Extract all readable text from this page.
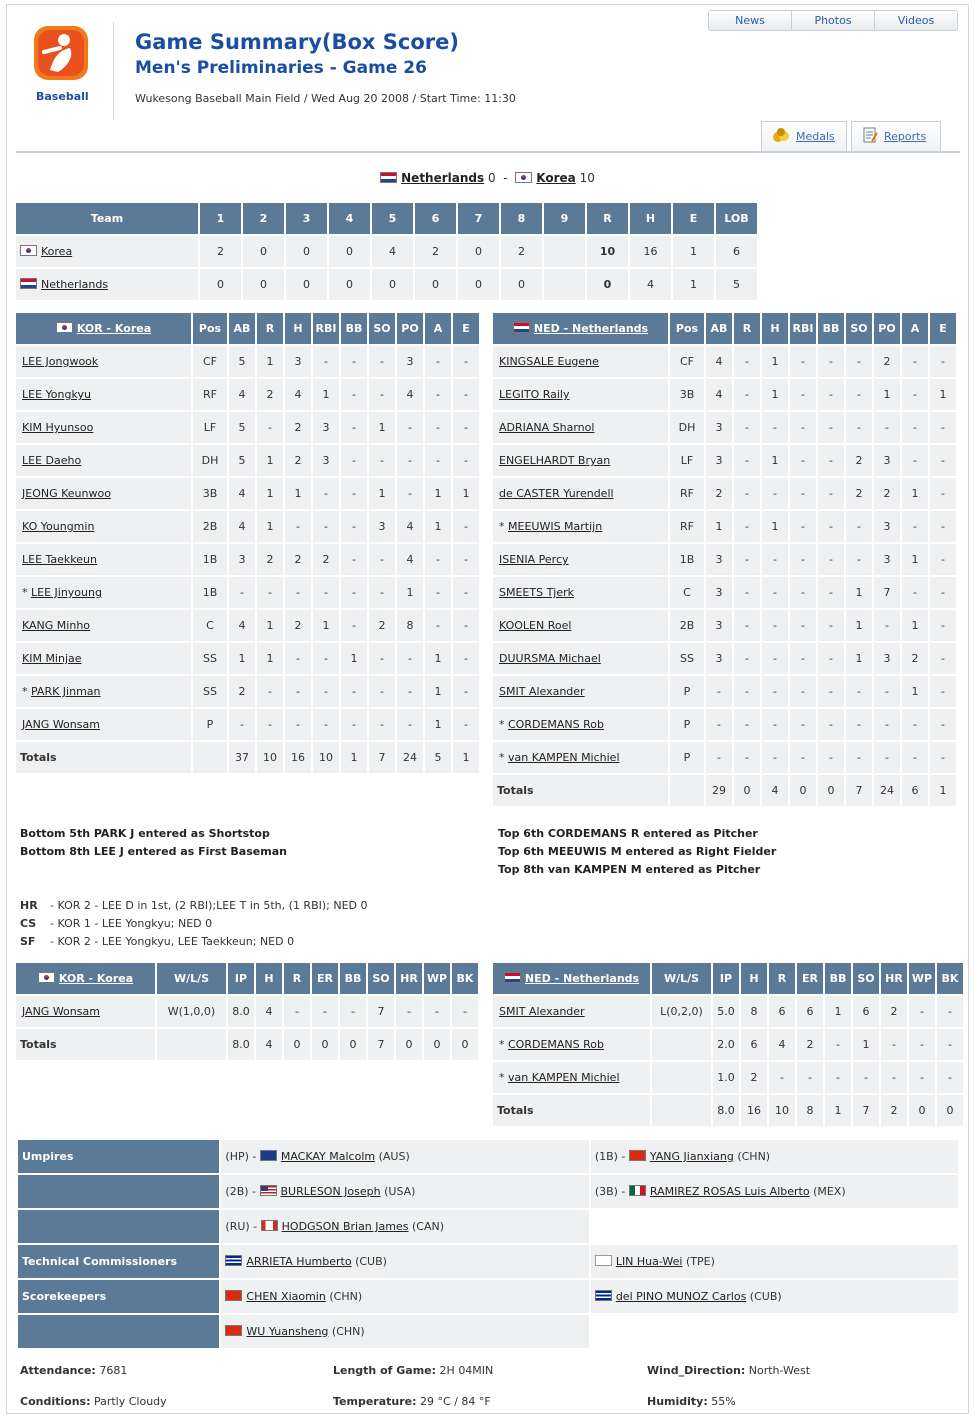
Baseball
Game Summary(Box Score)
Men's Preliminaries - Game 26
Wukesong Baseball Main Field / Wed Aug 20 2008 / Start Time: 11:30
News	Photos	Videos
Medals	Reports
Netherlands 0 - Korea 10
Team	1	2	3	4	5	6	7	8	9	R	H	E	LOB
Korea	2	0	0	0	4	2	0	2		10	16	1	6
Netherlands	0	0	0	0	0	0	0	0		0	4	1	5
KOR - Korea	Pos	AB	R	H	RBI	BB	SO	PO	A	E
LEE Jongwook	CF	5	1	3	-	-	-	3	-	-
LEE Yongkyu	RF	4	2	4	1	-	-	4	-	-
KIM Hyunsoo	LF	5	-	2	3	-	1	-	-	-
LEE Daeho	DH	5	1	2	3	-	-	-	-	-
JEONG Keunwoo	3B	4	1	1	-	-	1	-	1	1
KO Youngmin	2B	4	1	-	-	-	3	4	1	-
LEE Taekkeun	1B	3	2	2	2	-	-	4	-	-
* LEE Jinyoung	1B	-	-	-	-	-	-	1	-	-
KANG Minho	C	4	1	2	1	-	2	8	-	-
KIM Minjae	SS	1	1	-	-	1	-	-	1	-
* PARK Jinman	SS	2	-	-	-	-	-	-	1	-
JANG Wonsam	P	-	-	-	-	-	-	-	1	-
Totals		37	10	16	10	1	7	24	5	1
NED - Netherlands	Pos	AB	R	H	RBI	BB	SO	PO	A	E
KINGSALE Eugene	CF	4	-	1	-	-	-	2	-	-
LEGITO Raily	3B	4	-	1	-	-	-	1	-	1
ADRIANA Sharnol	DH	3	-	-	-	-	-	-	-	-
ENGELHARDT Bryan	LF	3	-	1	-	-	2	3	-	-
de CASTER Yurendell	RF	2	-	-	-	-	2	2	1	-
* MEEUWIS Martijn	RF	1	-	1	-	-	-	3	-	-
ISENIA Percy	1B	3	-	-	-	-	-	3	1	-
SMEETS Tjerk	C	3	-	-	-	-	1	7	-	-
KOOLEN Roel	2B	3	-	-	-	-	1	-	1	-
DUURSMA Michael	SS	3	-	-	-	-	1	3	2	-
SMIT Alexander	P	-	-	-	-	-	-	-	1	-
* CORDEMANS Rob	P	-	-	-	-	-	-	-	-	-
* van KAMPEN Michiel	P	-	-	-	-	-	-	-	-	-
Totals		29	0	4	0	0	7	24	6	1
Bottom 5th PARK J entered as Shortstop
Bottom 8th LEE J entered as First Baseman
Top 6th CORDEMANS R entered as Pitcher
Top 6th MEEUWIS M entered as Right Fielder
Top 8th van KAMPEN M entered as Pitcher
HR - KOR 2 - LEE D in 1st, (2 RBI);LEE T in 5th, (1 RBI); NED 0
CS - KOR 1 - LEE Yongkyu; NED 0
SF - KOR 2 - LEE Yongkyu, LEE Taekkeun; NED 0
KOR - Korea	W/L/S	IP	H	R	ER	BB	SO	HR	WP	BK
JANG Wonsam	W(1,0,0)	8.0	4	-	-	-	7	-	-	-
Totals		8.0	4	0	0	0	7	0	0	0
NED - Netherlands	W/L/S	IP	H	R	ER	BB	SO	HR	WP	BK
SMIT Alexander	L(0,2,0)	5.0	8	6	6	1	6	2	-	-
* CORDEMANS Rob		2.0	6	4	2	-	1	-	-	-
* van KAMPEN Michiel		1.0	2	-	-	-	-	-	-	-
Totals		8.0	16	10	8	1	7	2	0	0
Umpires	(HP) - MACKAY Malcolm (AUS)	(1B) - YANG Jianxiang (CHN)
	(2B) - BURLESON Joseph (USA)	(3B) - RAMIREZ ROSAS Luis Alberto (MEX)
	(RU) - HODGSON Brian James (CAN)	
Technical Commissioners	ARRIETA Humberto (CUB)	LIN Hua-Wei (TPE)
Scorekeepers	CHEN Xiaomin (CHN)	del PINO MUNOZ Carlos (CUB)
	WU Yuansheng (CHN)	
Attendance: 7681	Length of Game: 2H 04MIN	Wind_Direction: North-West
Conditions: Partly Cloudy	Temperature: 29 °C / 84 °F	Humidity: 55%
